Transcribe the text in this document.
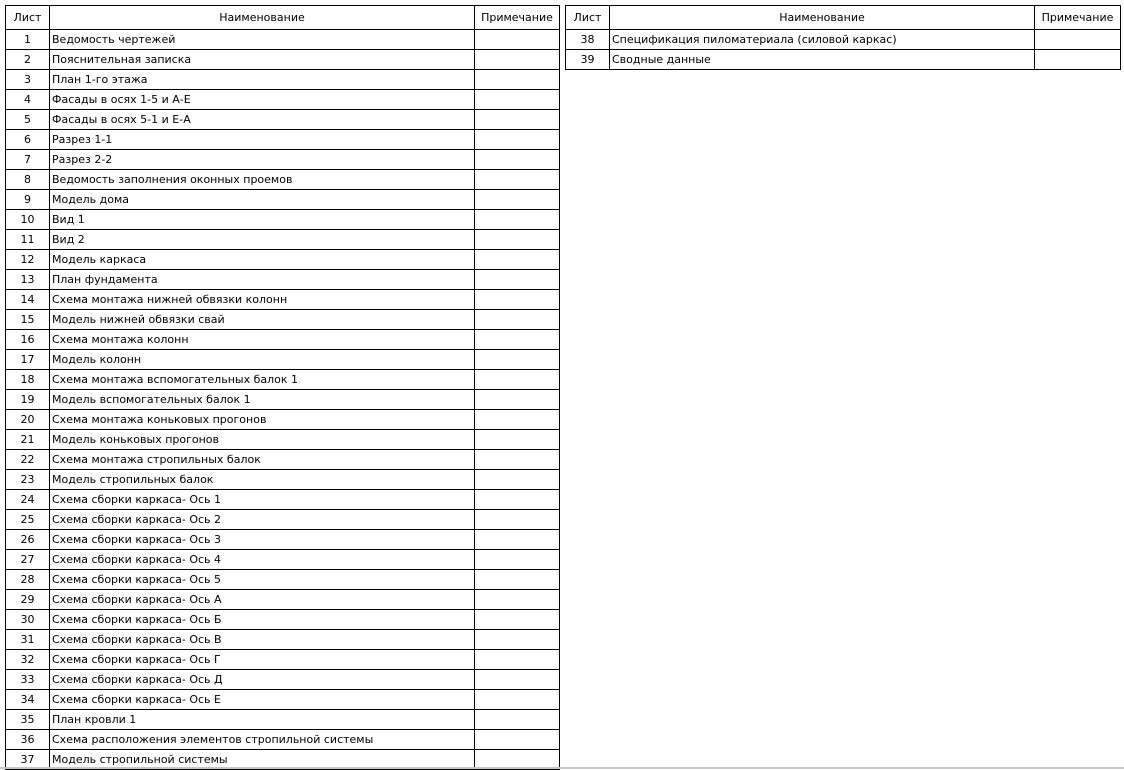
Лист	Наименование	Примечание
1	Ведомость чертежей	
2	Пояснительная записка	
3	План 1-го этажа	
4	Фасады в осях 1-5 и А-Е	
5	Фасады в осях 5-1 и Е-А	
6	Разрез 1-1	
7	Разрез 2-2	
8	Ведомость заполнения оконных проемов	
9	Модель дома	
10	Вид 1	
11	Вид 2	
12	Модель каркаса	
13	План фундамента	
14	Схема монтажа нижней обвязки колонн	
15	Модель нижней обвязки свай	
16	Схема монтажа колонн	
17	Модель колонн	
18	Схема монтажа вспомогательных балок 1	
19	Модель вспомогательных балок 1	
20	Схема монтажа коньковых прогонов	
21	Модель коньковых прогонов	
22	Схема монтажа стропильных балок	
23	Модель стропильных балок	
24	Схема сборки каркаса- Ось 1	
25	Схема сборки каркаса- Ось 2	
26	Схема сборки каркаса- Ось 3	
27	Схема сборки каркаса- Ось 4	
28	Схема сборки каркаса- Ось 5	
29	Схема сборки каркаса- Ось А	
30	Схема сборки каркаса- Ось Б	
31	Схема сборки каркаса- Ось В	
32	Схема сборки каркаса- Ось Г	
33	Схема сборки каркаса- Ось Д	
34	Схема сборки каркаса- Ось Е	
35	План кровли 1	
36	Схема расположения элементов стропильной системы	
37	Модель стропильной системы	
Лист	Наименование	Примечание
38	Спецификация пиломатериала (силовой каркас)	
39	Сводные данные	
